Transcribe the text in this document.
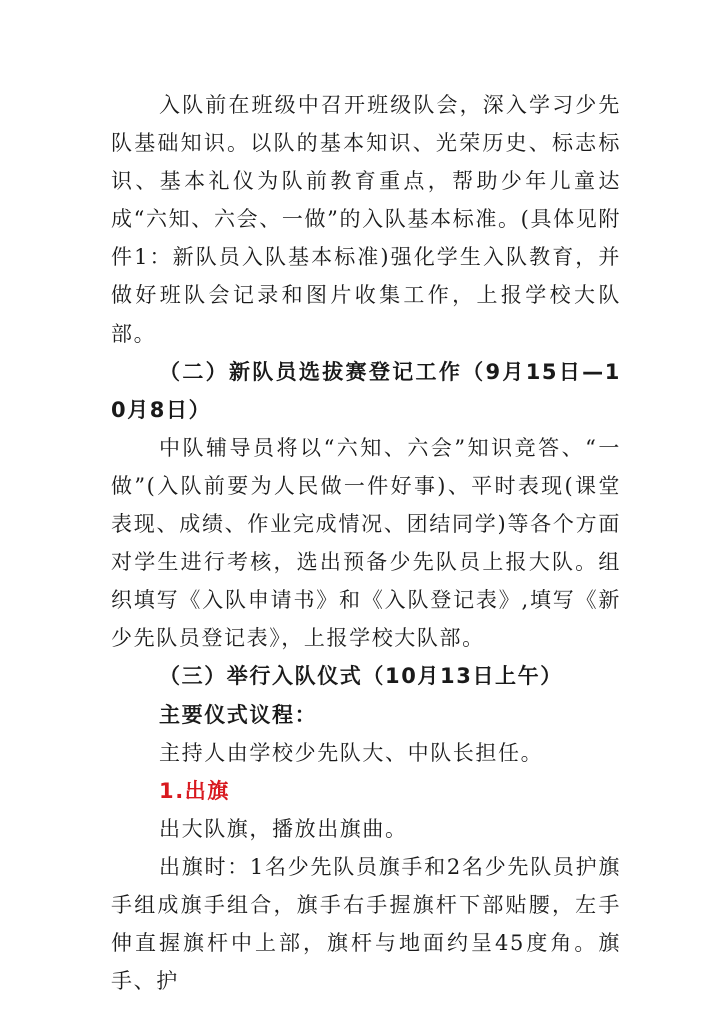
入队前在班级中召开班级队会，深入学习少先队基础知识。以队的基本知识、光荣历史、标志标识、基本礼仪为队前教育重点，帮助少年儿童达成“六知、六会、一做”的入队基本标准。(具体见附件1：新队员入队基本标准)强化学生入队教育，并做好班队会记录和图片收集工作，上报学校大队部。

（二）新队员选拔赛登记工作（9月15日—10月8日）

中队辅导员将以“六知、六会”知识竞答、“一做”(入队前要为人民做一件好事)、平时表现(课堂表现、成绩、作业完成情况、团结同学)等各个方面对学生进行考核，选出预备少先队员上报大队。组织填写《入队申请书》和《入队登记表》,填写《新少先队员登记表》，上报学校大队部。

（三）举行入队仪式（10月13日上午）

主要仪式议程：

主持人由学校少先队大、中队长担任。

1.出旗

出大队旗，播放出旗曲。

出旗时：1名少先队员旗手和2名少先队员护旗手组成旗手组合，旗手右手握旗杆下部贴腰，左手伸直握旗杆中上部，旗杆与地面约呈45度角。旗手、护
